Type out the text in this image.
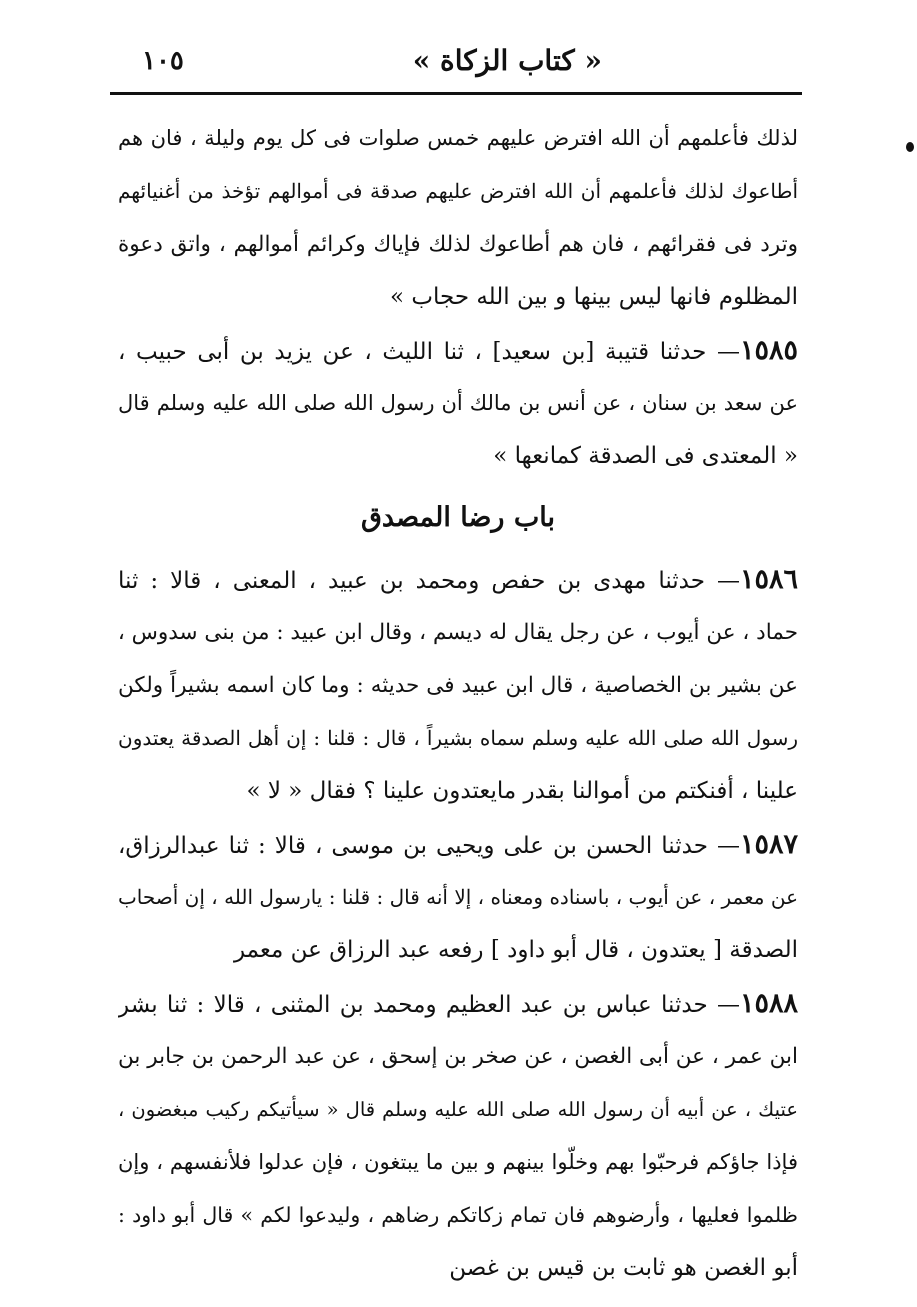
« كتاب الزكاة »
١٠٥
لذلك فأعلمهم أن الله افترض عليهم خمس صلوات فى كل يوم وليلة ، فان هم
أطاعوك لذلك فأعلمهم أن الله افترض عليهم صدقة فى أموالهم تؤخذ من أغنيائهم
وترد فى فقرائهم ، فان هم أطاعوك لذلك فإياك وكرائم أموالهم ، واتق دعوة
المظلوم فانها ليس بينها و بين الله حجاب »
١٥٨٥— حدثنا قتيبة [بن سعيد] ، ثنا الليث ، عن يزيد بن أبى حبيب ،
عن سعد بن سنان ، عن أنس بن مالك أن رسول الله صلى الله عليه وسلم قال
« المعتدى فى الصدقة كمانعها »
باب رضا المصدق
١٥٨٦— حدثنا مهدى بن حفص ومحمد بن عبيد ، المعنى ، قالا : ثنا
حماد ، عن أيوب ، عن رجل يقال له ديسم ، وقال ابن عبيد : من بنى سدوس ،
عن بشير بن الخصاصية ، قال ابن عبيد فى حديثه : وما كان اسمه بشيراً ولكن
رسول الله صلى الله عليه وسلم سماه بشيراً ، قال : قلنا : إن أهل الصدقة يعتدون
علينا ، أفنكتم من أموالنا بقدر مايعتدون علينا ؟ فقال « لا »
١٥٨٧— حدثنا الحسن بن على ويحيى بن موسى ، قالا : ثنا عبدالرزاق،
عن معمر ، عن أيوب ، باسناده ومعناه ، إلا أنه قال : قلنا : يارسول الله ، إن أصحاب
الصدقة [ يعتدون ، قال أبو داود ] رفعه عبد الرزاق عن معمر
١٥٨٨— حدثنا عباس بن عبد العظيم ومحمد بن المثنى ، قالا : ثنا بشر
ابن عمر ، عن أبى الغصن ، عن صخر بن إسحق ، عن عبد الرحمن بن جابر بن
عتيك ، عن أبيه أن رسول الله صلى الله عليه وسلم قال « سيأتيكم ركيب مبغضون ،
فإذا جاؤكم فرحبّوا بهم وخلّوا بينهم و بين ما يبتغون ، فإن عدلوا فلأنفسهم ، وإن
ظلموا فعليها ، وأرضوهم فان تمام زكاتكم رضاهم ، وليدعوا لكم » قال أبو داود :
أبو الغصن هو ثابت بن قيس بن غصن
